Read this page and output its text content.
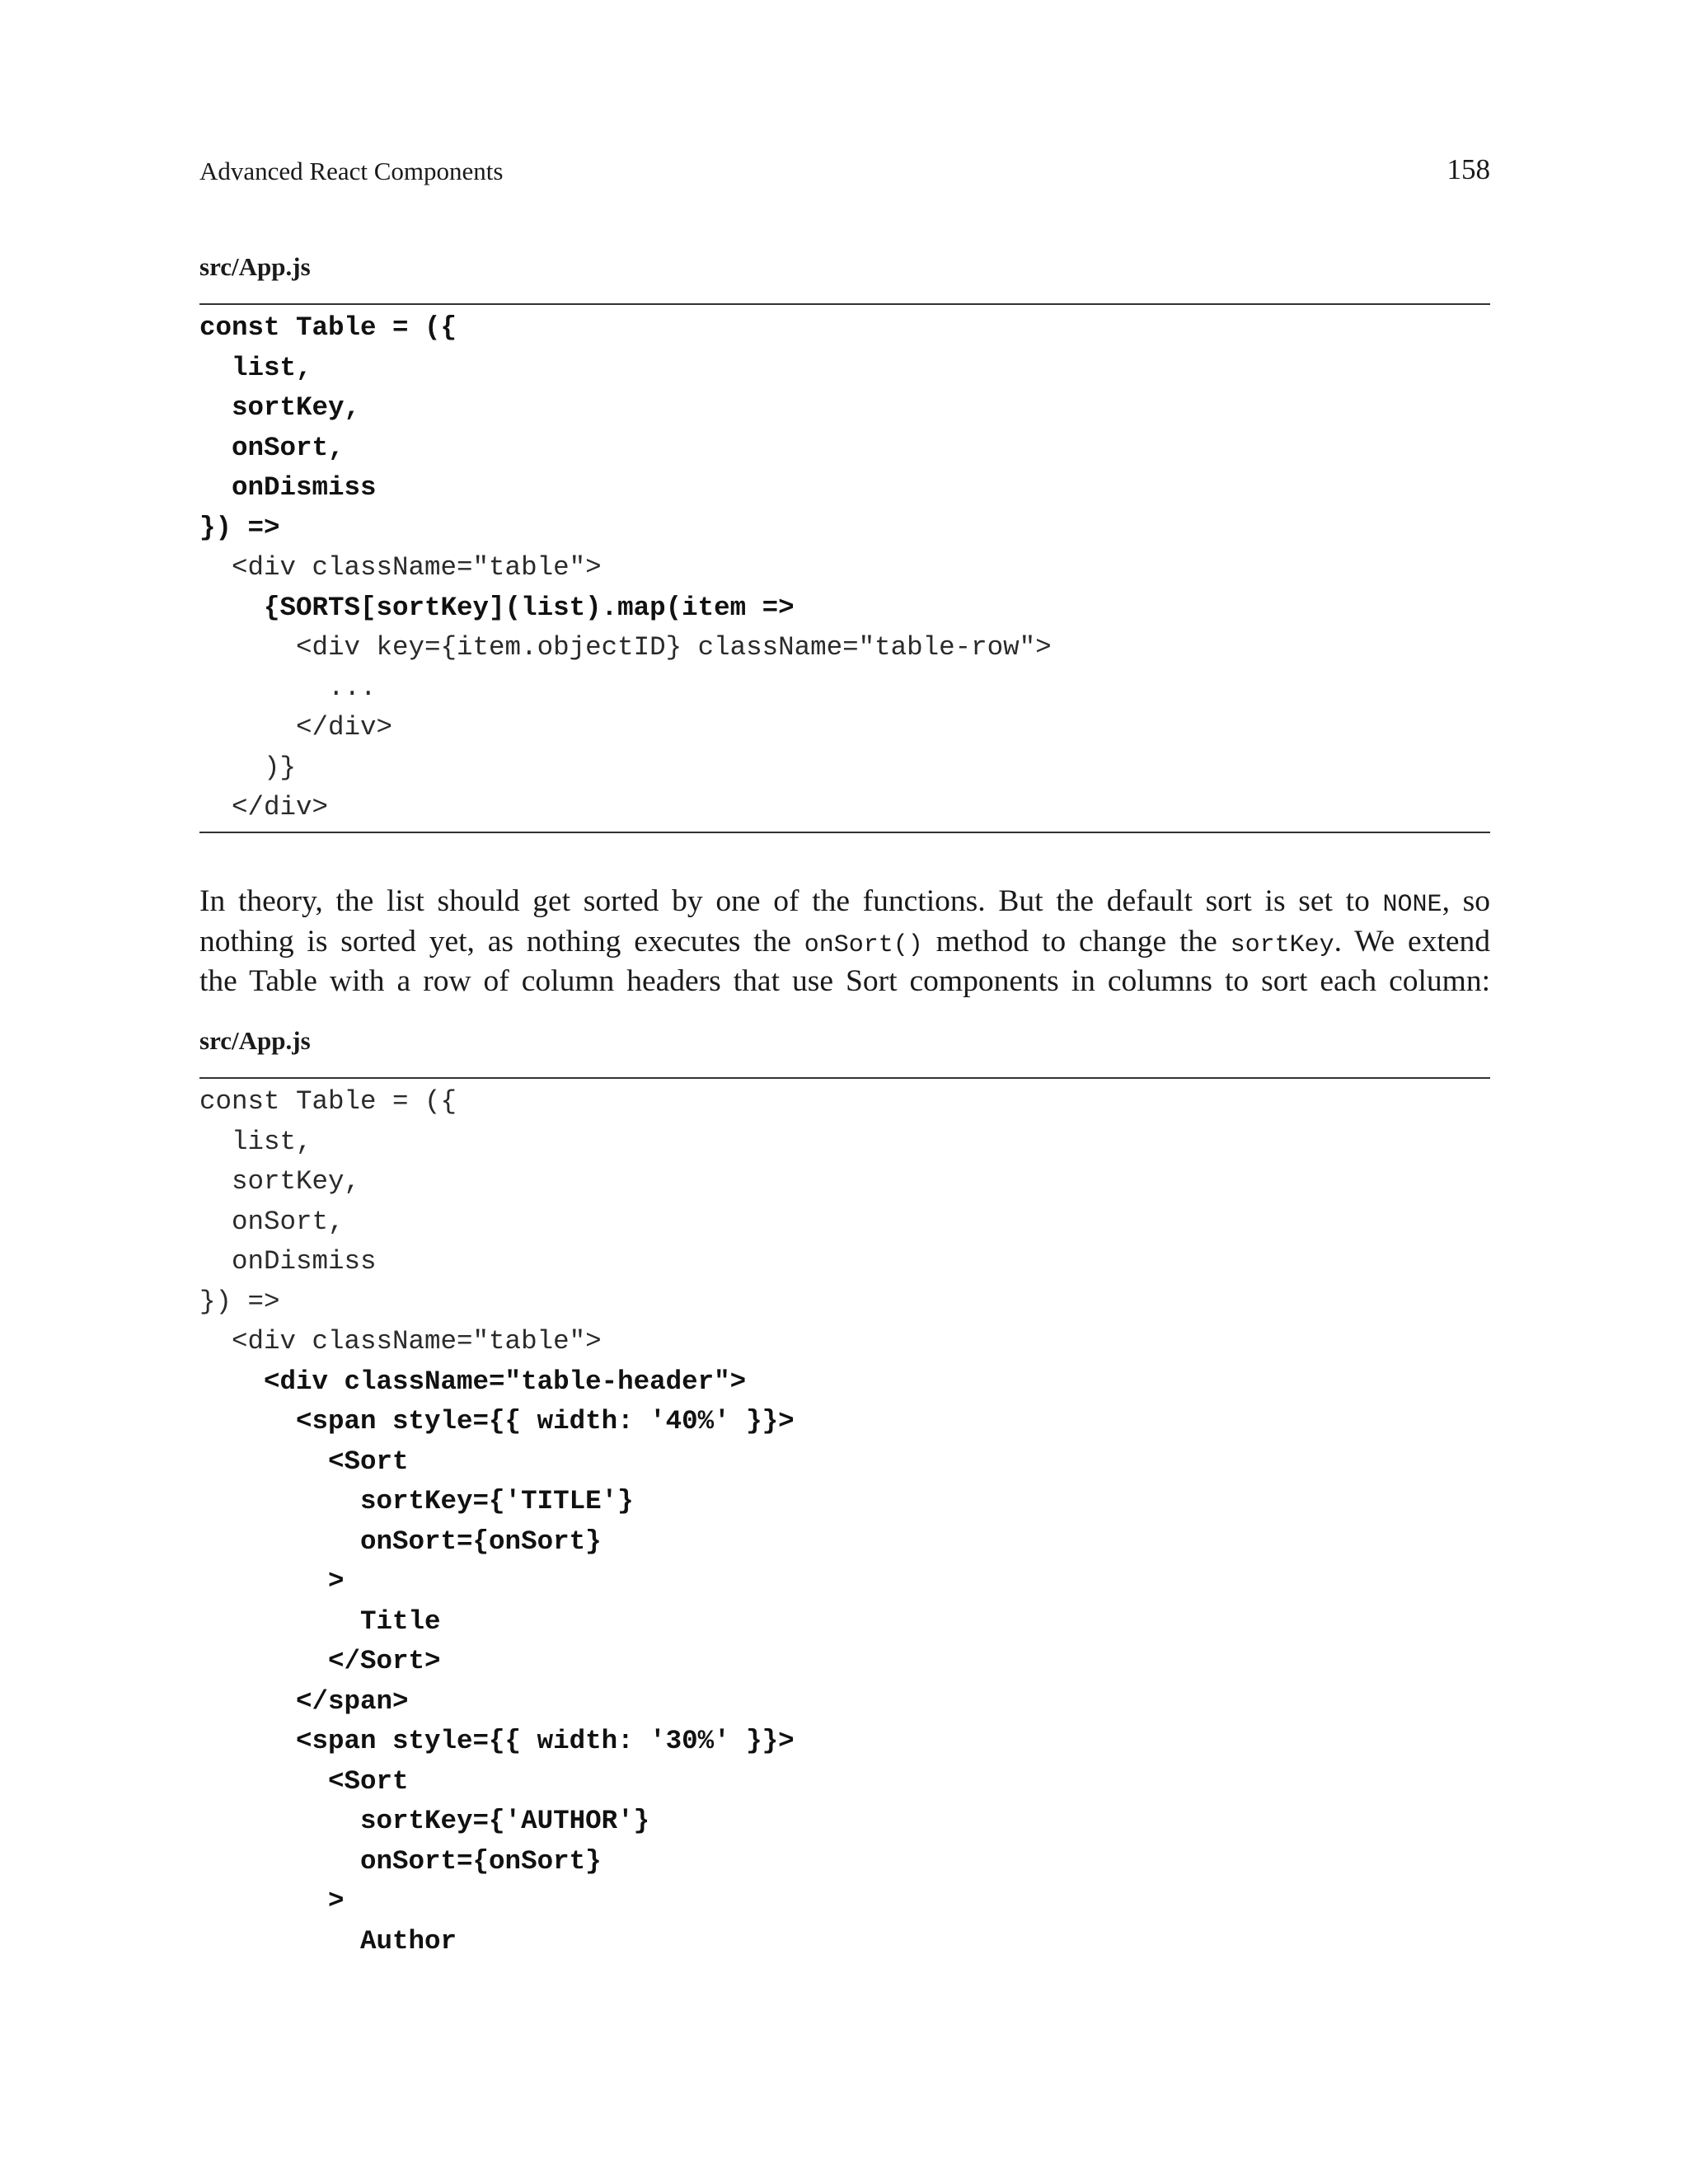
Advanced React Components	158
src/App.js
const Table = ({
list,
sortKey,
onSort,
onDismiss
}) =>
<div className="table">
{SORTS[sortKey](list).map(item =>
<div key={item.objectID} className="table-row">
...
</div>
)}
</div>
In theory, the list should get sorted by one of the functions. But the default sort is set to NONE, so
nothing is sorted yet, as nothing executes the onSort() method to change the sortKey. We extend
the Table with a row of column headers that use Sort components in columns to sort each column:
src/App.js
const Table = ({
list,
sortKey,
onSort,
onDismiss
}) =>
<div className="table">
<div className="table-header">
<span style={{ width: '40%' }}>
<Sort
sortKey={'TITLE'}
onSort={onSort}
>
Title
</Sort>
</span>
<span style={{ width: '30%' }}>
<Sort
sortKey={'AUTHOR'}
onSort={onSort}
>
Author
